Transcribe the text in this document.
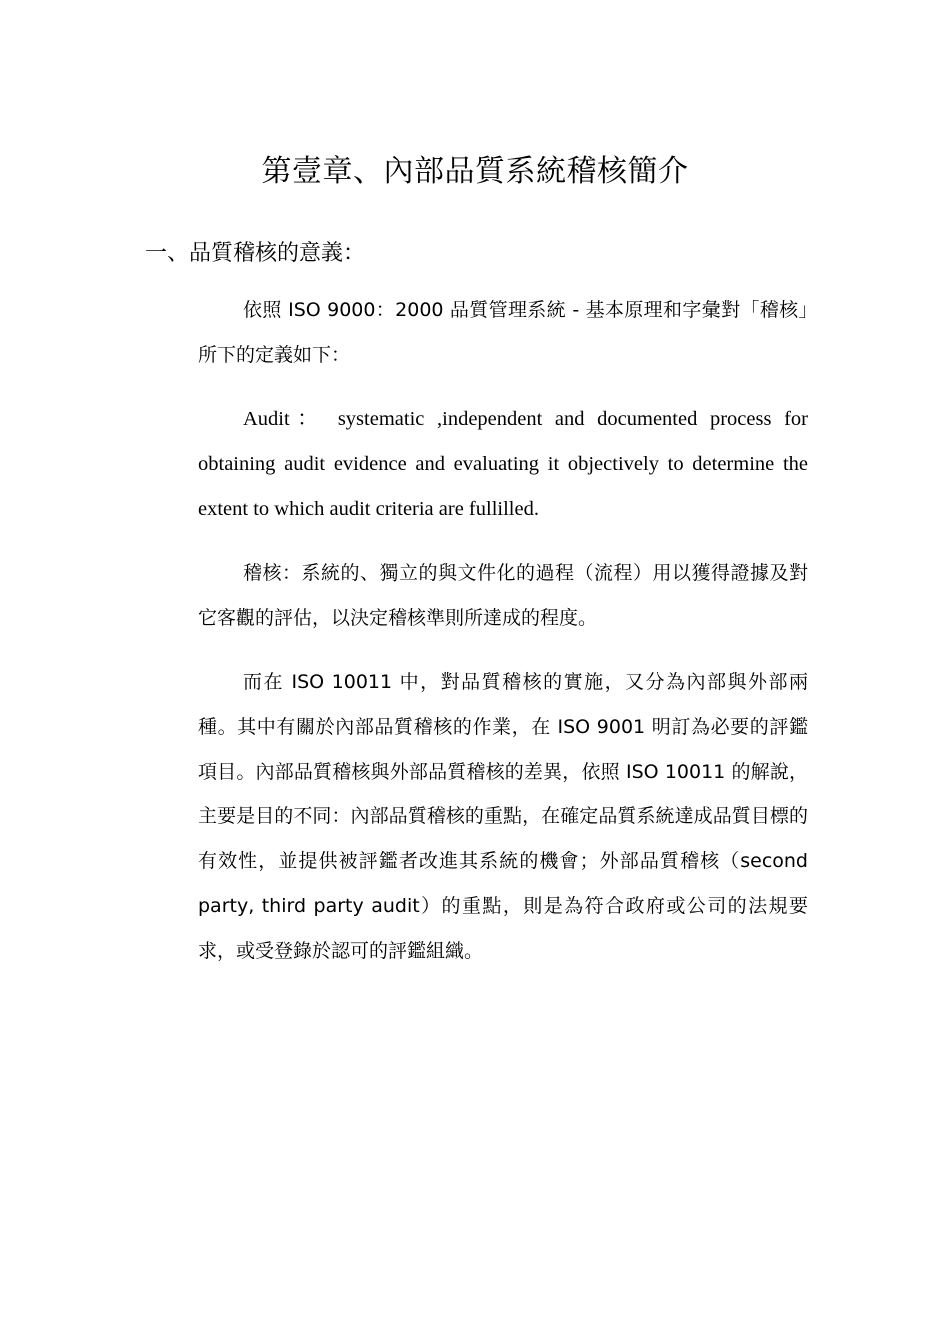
第壹章、內部品質系統稽核簡介
一、品質稽核的意義：

依照 ISO 9000：2000 品質管理系統 - 基本原理和字彙對「稽核」所下的定義如下：

Audit： systematic ,independent and documented process for obtaining audit evidence and evaluating it objectively to determine the extent to which audit criteria are fullilled.

稽核：系統的、獨立的與文件化的過程（流程）用以獲得證據及對它客觀的評估，以決定稽核準則所達成的程度。

而在 ISO 10011 中，對品質稽核的實施，又分為內部與外部兩種。其中有關於內部品質稽核的作業，在 ISO 9001 明訂為必要的評鑑項目。內部品質稽核與外部品質稽核的差異，依照 ISO 10011 的解說，主要是目的不同：內部品質稽核的重點，在確定品質系統達成品質目標的有效性，並提供被評鑑者改進其系統的機會；外部品質稽核（second party, third party audit）的重點，則是為符合政府或公司的法規要求，或受登錄於認可的評鑑組織。
